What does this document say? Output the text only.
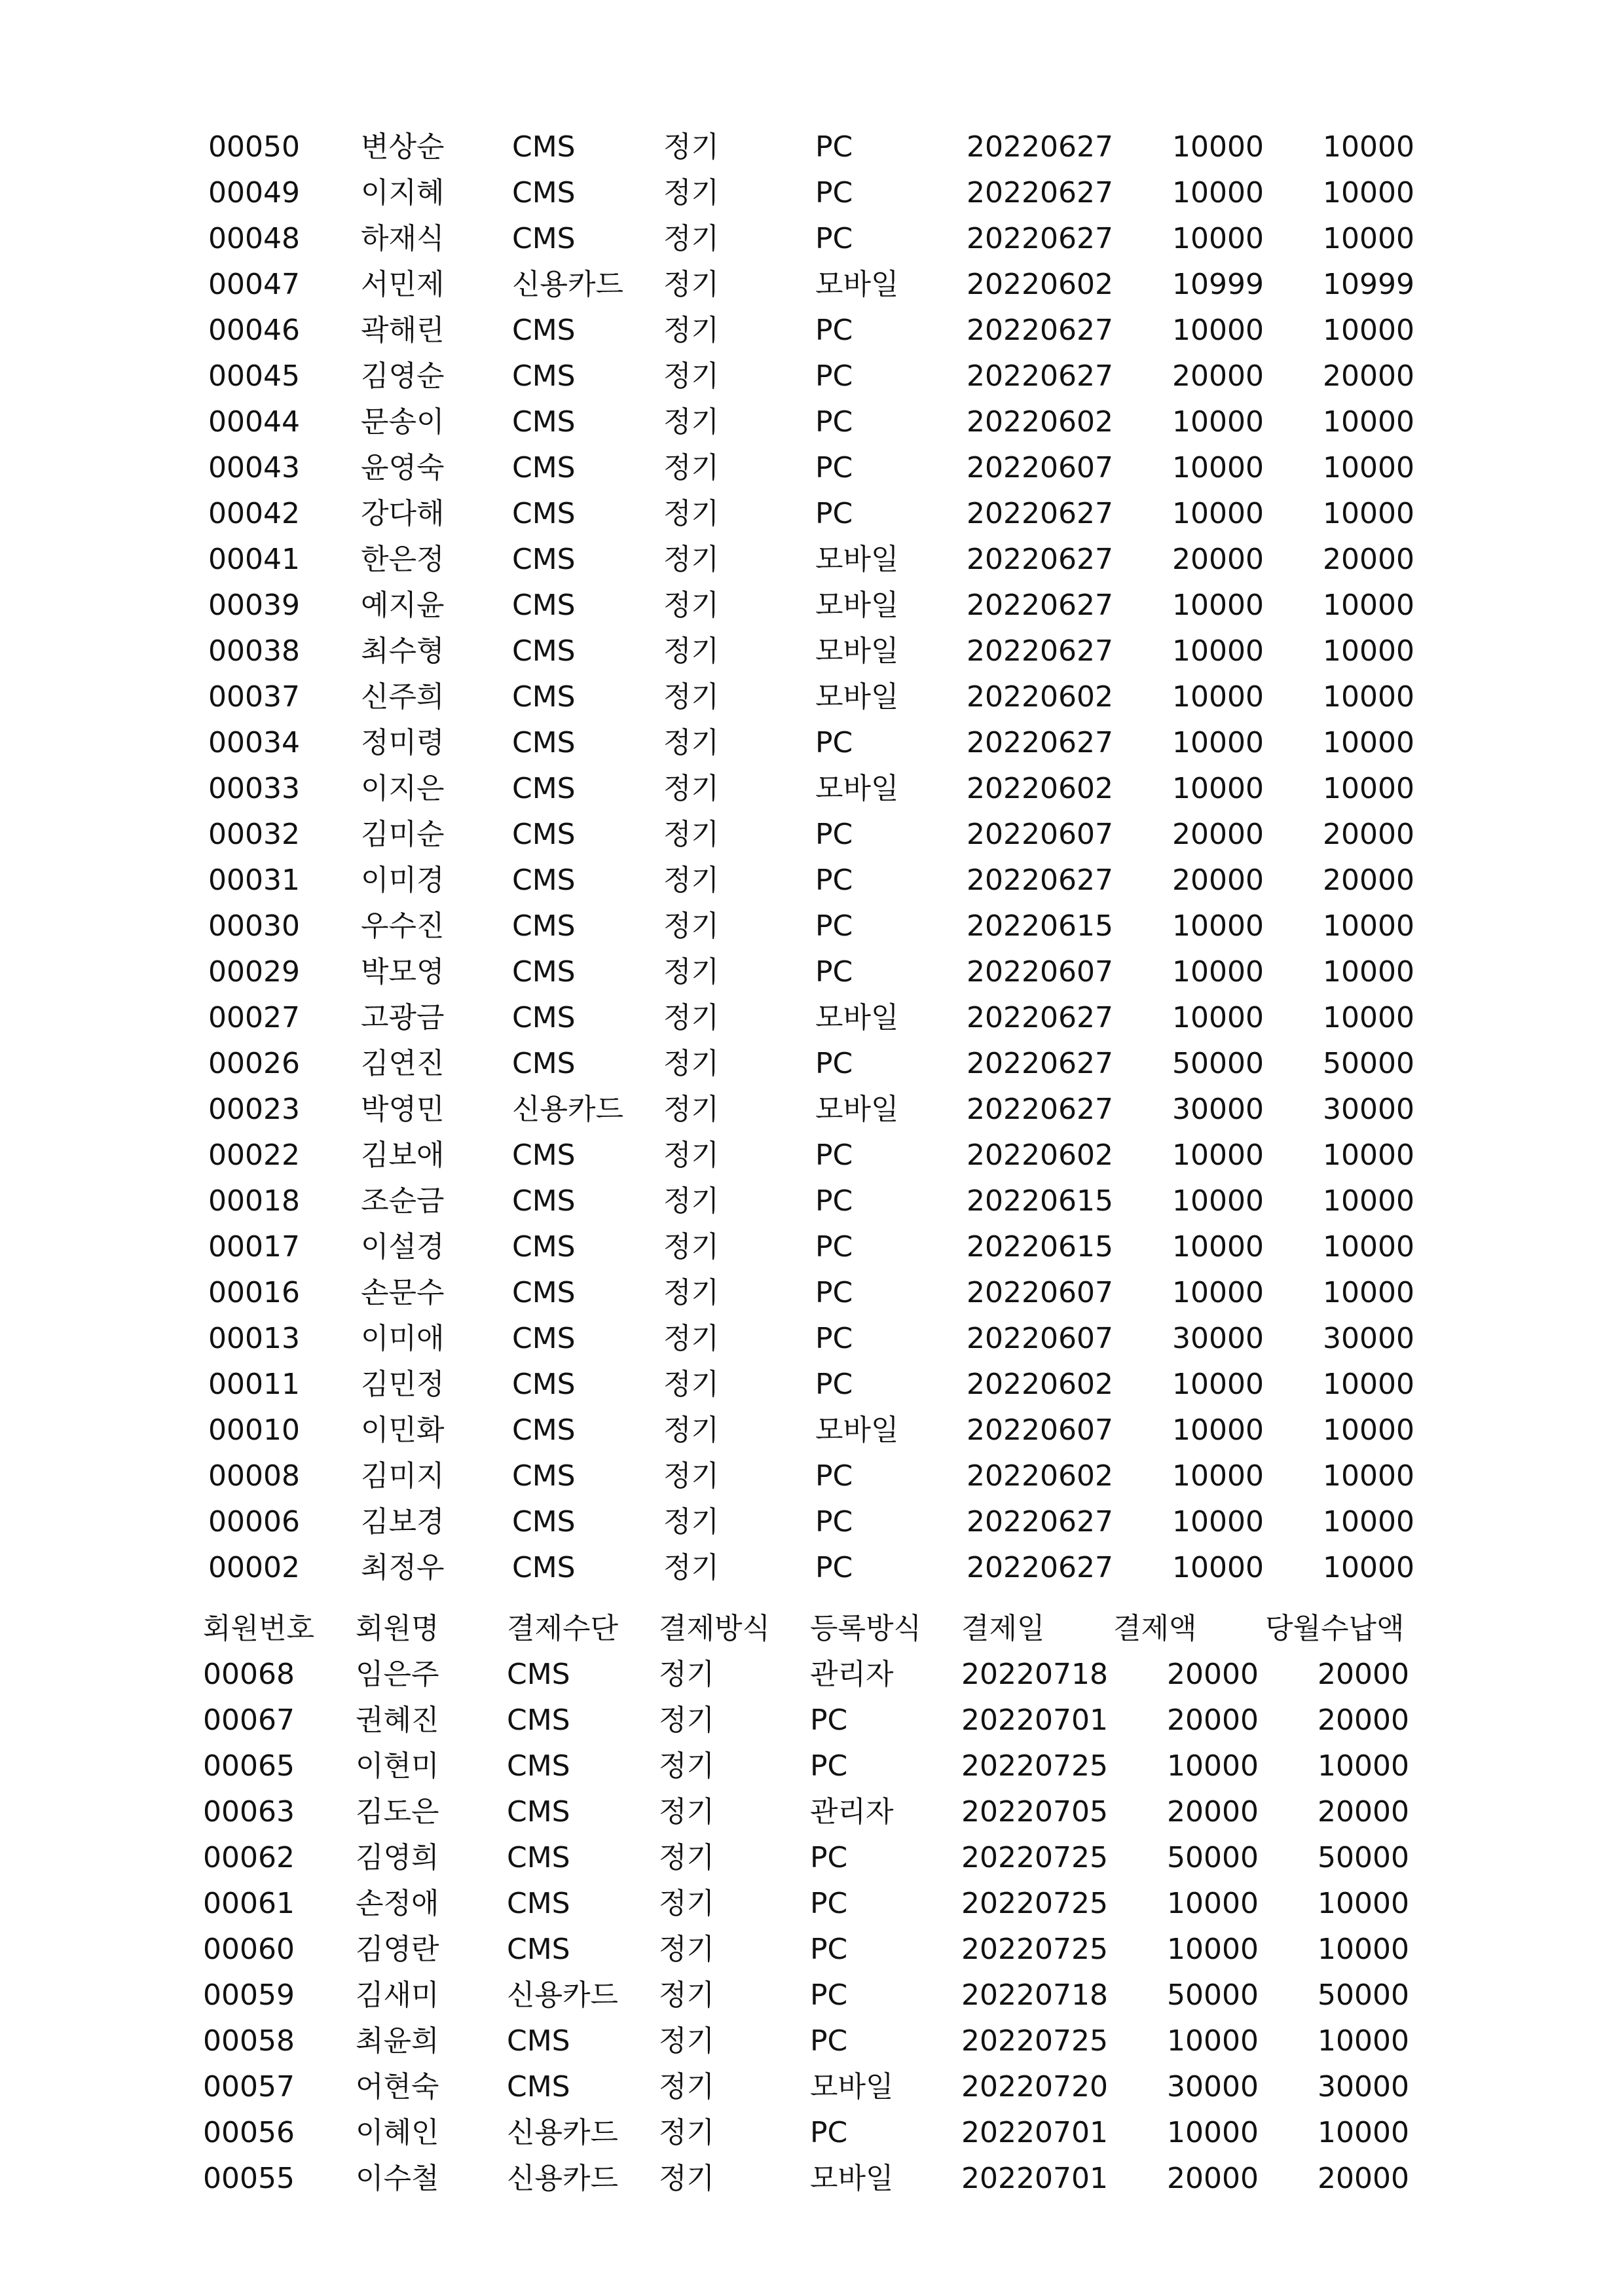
00050 변상순 CMS	정기	PC	20220627 10000 10000
00049 이지혜 CMS	정기	PC	20220627 10000 10000
00048 하재식 CMS	정기	PC	20220627 10000 10000
00047 서민제 신용카드 정기	모바일 20220602 10999 10999
00046 곽해린 CMS	정기	PC	20220627 10000 10000
00045 김영순 CMS	정기	PC	20220627 20000 20000
00044 문송이 CMS	정기	PC	20220602 10000 10000
00043 윤영숙 CMS	정기	PC	20220607 10000 10000
00042 강다해 CMS	정기	PC	20220627 10000 10000
00041 한은정 CMS	정기	모바일 20220627 20000 20000
00039 예지윤 CMS	정기	모바일 20220627 10000 10000
00038 최수형 CMS	정기	모바일 20220627 10000 10000
00037 신주희 CMS	정기	모바일 20220602 10000 10000
00034 정미령 CMS	정기	PC	20220627 10000 10000
00033 이지은 CMS	정기	모바일 20220602 10000 10000
00032 김미순 CMS	정기	PC	20220607 20000 20000
00031 이미경 CMS	정기	PC	20220627 20000 20000
00030 우수진 CMS	정기	PC	20220615 10000 10000
00029 박모영 CMS	정기	PC	20220607 10000 10000
00027 고광금 CMS	정기	모바일 20220627 10000 10000
00026 김연진 CMS	정기	PC	20220627 50000 50000
00023 박영민 신용카드 정기	모바일 20220627 30000 30000
00022 김보애 CMS	정기	PC	20220602 10000 10000
00018 조순금 CMS	정기	PC	20220615 10000 10000
00017 이설경 CMS	정기	PC	20220615 10000 10000
00016 손문수 CMS	정기	PC	20220607 10000 10000
00013 이미애 CMS	정기	PC	20220607 30000 30000
00011 김민정 CMS	정기	PC	20220602 10000 10000
00010 이민화 CMS	정기	모바일 20220607 10000 10000
00008 김미지 CMS	정기	PC	20220602 10000 10000
00006 김보경 CMS	정기	PC	20220627 10000 10000
00002 최정우 CMS	정기	PC	20220627 10000 10000
회원번호 회원명 결제수단 결제방식 등록방식 결제일 결제액 당월수납액
00068 임은주 CMS	정기	관리자 20220718 20000 20000
00067 권혜진 CMS	정기	PC	20220701 20000 20000
00065 이현미 CMS	정기	PC	20220725 10000 10000
00063 김도은 CMS	정기	관리자 20220705 20000 20000
00062 김영희 CMS	정기	PC	20220725 50000 50000
00061 손정애 CMS	정기	PC	20220725 10000 10000
00060 김영란 CMS	정기	PC	20220725 10000 10000
00059 김새미 신용카드 정기	PC	20220718 50000 50000
00058 최윤희 CMS	정기	PC	20220725 10000 10000
00057 어현숙 CMS	정기	모바일 20220720 30000 30000
00056 이혜인 신용카드 정기	PC	20220701 10000 10000
00055 이수철 신용카드 정기	모바일 20220701 20000 20000
